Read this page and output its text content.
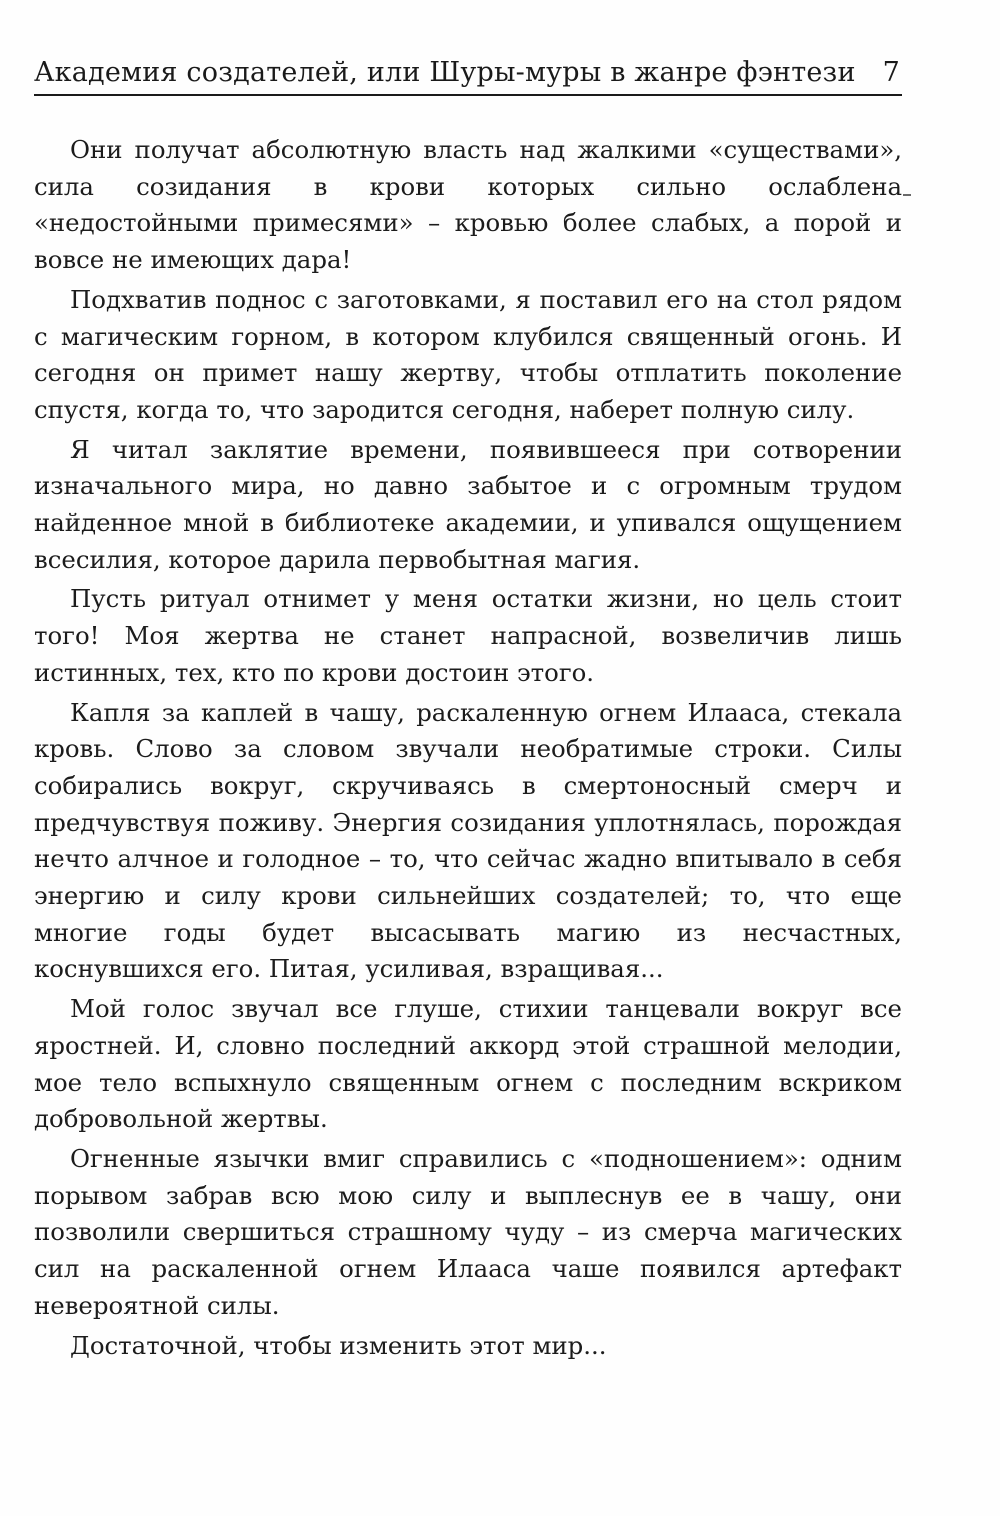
Академия создателей, или Шуры-муры в жанре фэнтези 7

Они получат абсолютную власть над жалкими «существами», сила созидания в крови которых сильно ослаблена «недостойными примесями» – кровью более слабых, а порой и вовсе не имеющих дара!

Подхватив поднос с заготовками, я поставил его на стол рядом с магическим горном, в котором клубился священный огонь. И сегодня он примет нашу жертву, чтобы отплатить поколение спустя, когда то, что зародится сегодня, наберет полную силу.

Я читал заклятие времени, появившееся при сотворении изначального мира, но давно забытое и с огромным трудом найденное мной в библиотеке академии, и упивался ощущением всесилия, которое дарила первобытная магия.

Пусть ритуал отнимет у меня остатки жизни, но цель стоит того! Моя жертва не станет напрасной, возвеличив лишь истинных, тех, кто по крови достоин этого.

Капля за каплей в чашу, раскаленную огнем Илааса, стекала кровь. Слово за словом звучали необратимые строки. Силы собирались вокруг, скручиваясь в смертоносный смерч и предчувствуя поживу. Энергия созидания уплотнялась, порождая нечто алчное и голодное – то, что сейчас жадно впитывало в себя энергию и силу крови сильнейших создателей; то, что еще многие годы будет высасывать магию из несчастных, коснувшихся его. Питая, усиливая, взращивая...

Мой голос звучал все глуше, стихии танцевали вокруг все яростней. И, словно последний аккорд этой страшной мелодии, мое тело вспыхнуло священным огнем с последним вскриком добровольной жертвы.

Огненные язычки вмиг справились с «подношением»: одним порывом забрав всю мою силу и выплеснув ее в чашу, они позволили свершиться страшному чуду – из смерча магических сил на раскаленной огнем Илааса чаше появился артефакт невероятной силы.

Достаточной, чтобы изменить этот мир...
